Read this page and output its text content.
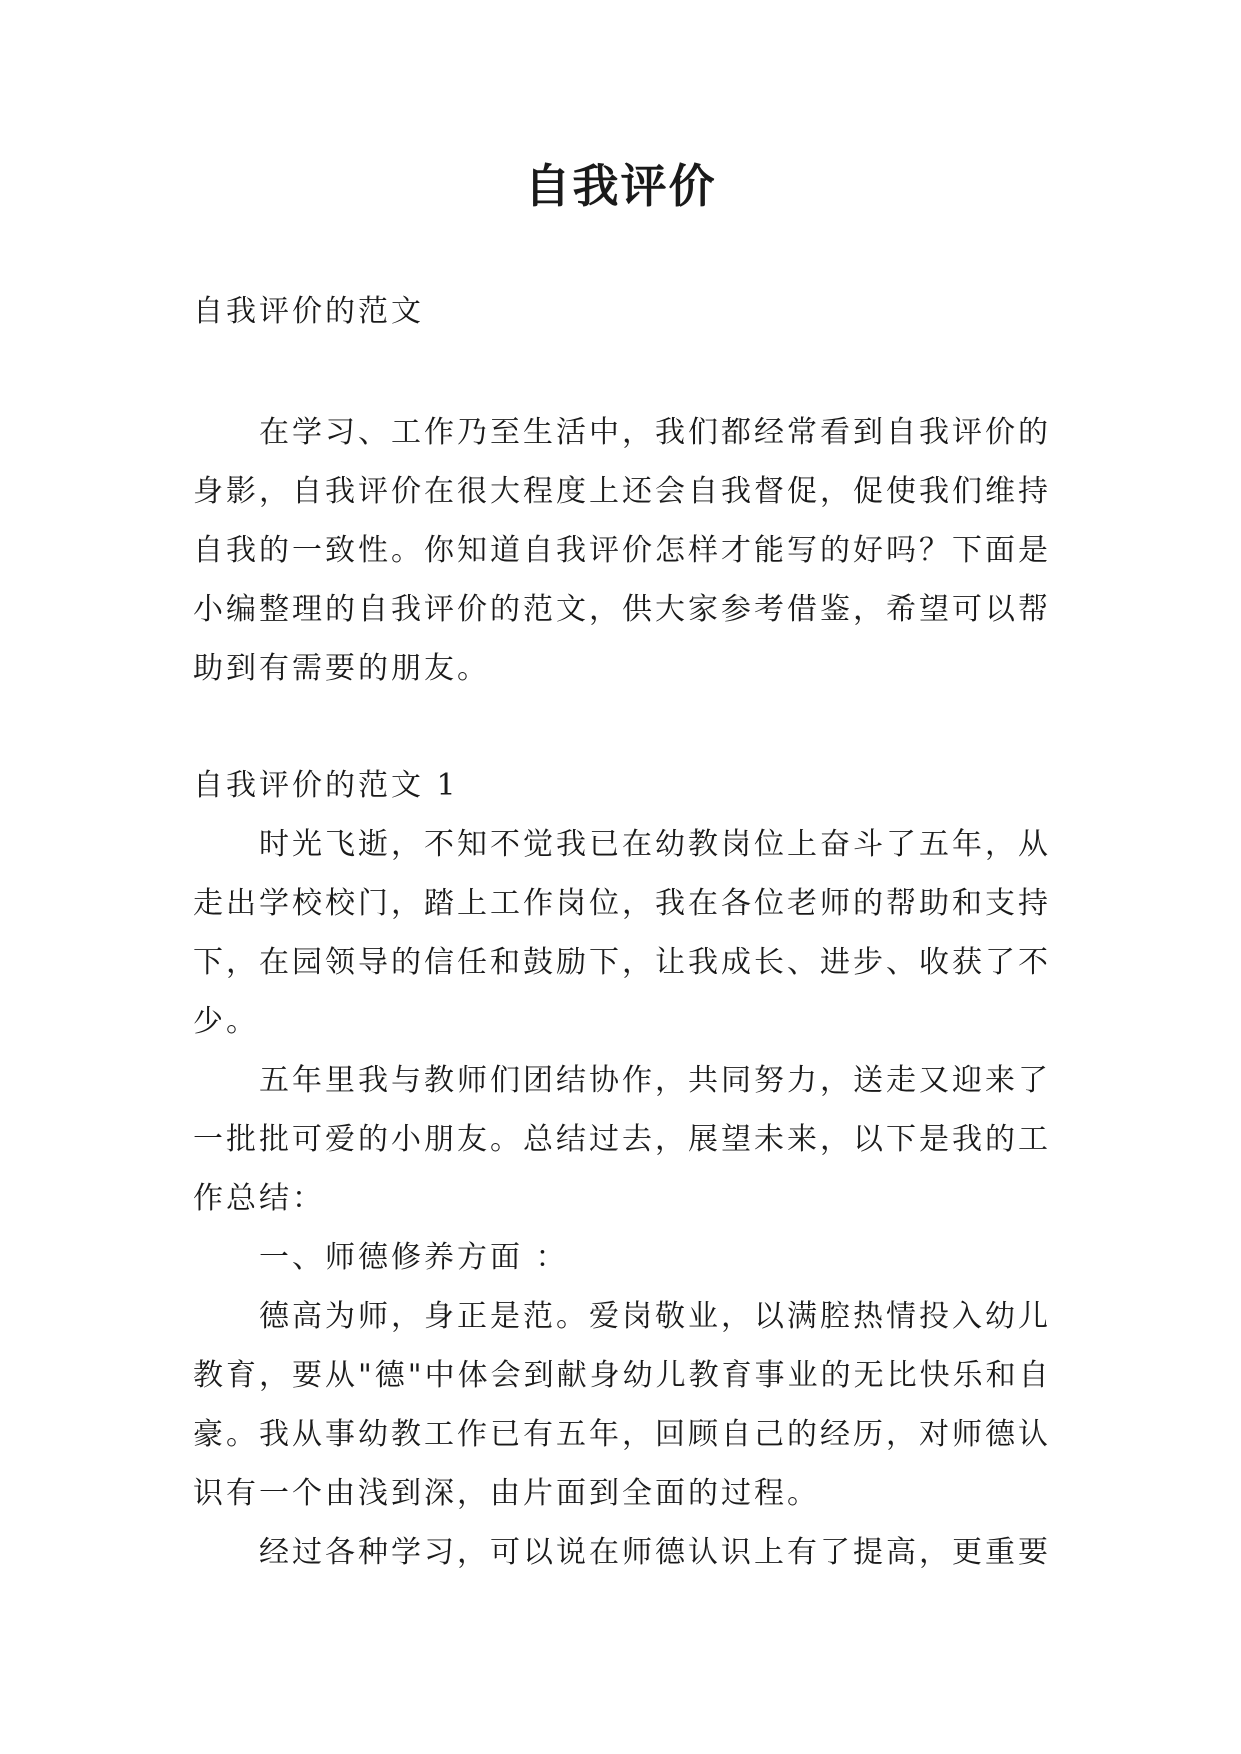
自我评价

自我评价的范文

在学习、工作乃至生活中，我们都经常看到自我评价的

身影，自我评价在很大程度上还会自我督促，促使我们维持

自我的一致性。你知道自我评价怎样才能写的好吗？下面是

小编整理的自我评价的范文，供大家参考借鉴，希望可以帮

助到有需要的朋友。

自我评价的范文 1

时光飞逝，不知不觉我已在幼教岗位上奋斗了五年，从

走出学校校门，踏上工作岗位，我在各位老师的帮助和支持

下，在园领导的信任和鼓励下，让我成长、进步、收获了不

少。

五年里我与教师们团结协作，共同努力，送走又迎来了

一批批可爱的小朋友。总结过去，展望未来，以下是我的工

作总结：

一、师德修养方面 ：

德高为师，身正是范。爱岗敬业，以满腔热情投入幼儿

教育，要从"德"中体会到献身幼儿教育事业的无比快乐和自

豪。我从事幼教工作已有五年，回顾自己的经历，对师德认

识有一个由浅到深，由片面到全面的过程。

经过各种学习，可以说在师德认识上有了提高，更重要
